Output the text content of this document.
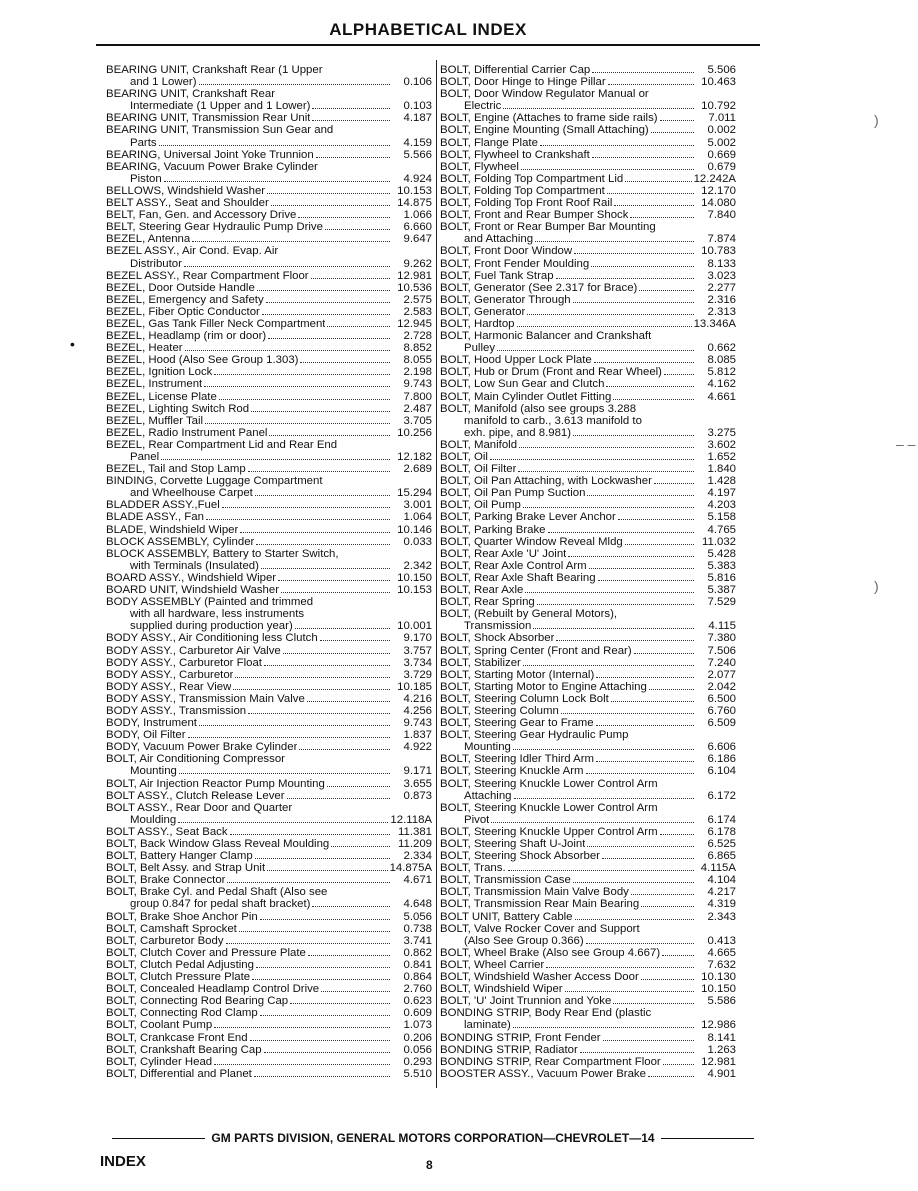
ALPHABETICAL INDEX
BEARING UNIT, Crankshaft Rear (1 Upper
and 1 Lower)	0.106
BEARING UNIT, Crankshaft Rear
Intermediate (1 Upper and 1 Lower)	0.103
BEARING UNIT, Transmission Rear Unit	4.187
BEARING UNIT, Transmission Sun Gear and
Parts	4.159
BEARING, Universal Joint Yoke Trunnion	5.566
BEARING, Vacuum Power Brake Cylinder
Piston	4.924
BELLOWS, Windshield Washer	10.153
BELT ASSY., Seat and Shoulder	14.875
BELT, Fan, Gen. and Accessory Drive	1.066
BELT, Steering Gear Hydraulic Pump Drive	6.660
BEZEL, Antenna	9.647
BEZEL ASSY., Air Cond. Evap. Air
Distributor	9.262
BEZEL ASSY., Rear Compartment Floor	12.981
BEZEL, Door Outside Handle	10.536
BEZEL, Emergency and Safety	2.575
BEZEL, Fiber Optic Conductor	2.583
BEZEL, Gas Tank Filler Neck Compartment	12.945
BEZEL, Headlamp (rim or door)	2.728
BEZEL, Heater	8.852
BEZEL, Hood (Also See Group 1.303)	8.055
BEZEL, Ignition Lock	2.198
BEZEL, Instrument	9.743
BEZEL, License Plate	7.800
BEZEL, Lighting Switch Rod	2.487
BEZEL, Muffler Tail	3.705
BEZEL, Radio Instrument Panel	10.256
BEZEL, Rear Compartment Lid and Rear End
Panel	12.182
BEZEL, Tail and Stop Lamp	2.689
BINDING, Corvette Luggage Compartment
and Wheelhouse Carpet	15.294
BLADDER ASSY.,Fuel	3.001
BLADE ASSY., Fan	1.064
BLADE, Windshield Wiper	10.146
BLOCK ASSEMBLY, Cylinder	0.033
BLOCK ASSEMBLY, Battery to Starter Switch,
with Terminals (Insulated)	2.342
BOARD ASSY., Windshield Wiper	10.150
BOARD UNIT, Windshield Washer	10.153
BODY ASSEMBLY (Painted and trimmed
with all hardware, less instruments
supplied during production year)	10.001
BODY ASSY., Air Conditioning less Clutch	9.170
BODY ASSY., Carburetor Air Valve	3.757
BODY ASSY., Carburetor Float	3.734
BODY ASSY., Carburetor	3.729
BODY ASSY., Rear View	10.185
BODY ASSY., Transmission Main Valve	4.216
BODY ASSY., Transmission	4.256
BODY, Instrument	9.743
BODY, Oil Filter	1.837
BODY, Vacuum Power Brake Cylinder	4.922
BOLT, Air Conditioning Compressor
Mounting	9.171
BOLT, Air Injection Reactor Pump Mounting	3.655
BOLT ASSY., Clutch Release Lever	0.873
BOLT ASSY., Rear Door and Quarter
Moulding	12.118A
BOLT ASSY., Seat Back	11.381
BOLT, Back Window Glass Reveal Moulding	11.209
BOLT, Battery Hanger Clamp	2.334
BOLT, Belt Assy. and Strap Unit	14.875A
BOLT, Brake Connector	4.671
BOLT, Brake Cyl. and Pedal Shaft (Also see
group 0.847 for pedal shaft bracket)	4.648
BOLT, Brake Shoe Anchor Pin	5.056
BOLT, Camshaft Sprocket	0.738
BOLT, Carburetor Body	3.741
BOLT, Clutch Cover and Pressure Plate	0.862
BOLT, Clutch Pedal Adjusting	0.841
BOLT, Clutch Pressure Plate	0.864
BOLT, Concealed Headlamp Control Drive	2.760
BOLT, Connecting Rod Bearing Cap	0.623
BOLT, Connecting Rod Clamp	0.609
BOLT, Coolant Pump	1.073
BOLT, Crankcase Front End	0.206
BOLT, Crankshaft Bearing Cap	0.056
BOLT, Cylinder Head	0.293
BOLT, Differential and Planet	5.510
BOLT, Differential Carrier Cap	5.506
BOLT, Door Hinge to Hinge Pillar	10.463
BOLT, Door Window Regulator Manual or
Electric	10.792
BOLT, Engine (Attaches to frame side rails)	7.011
BOLT, Engine Mounting (Small Attaching)	0.002
BOLT, Flange Plate	5.002
BOLT, Flywheel to Crankshaft	0.669
BOLT, Flywheel	0.679
BOLT, Folding Top Compartment Lid	12.242A
BOLT, Folding Top Compartment	12.170
BOLT, Folding Top Front Roof Rail	14.080
BOLT, Front and Rear Bumper Shock	7.840
BOLT, Front or Rear Bumper Bar Mounting
and Attaching	7.874
BOLT, Front Door Window	10.783
BOLT, Front Fender Moulding	8.133
BOLT, Fuel Tank Strap	3.023
BOLT, Generator (See 2.317 for Brace)	2.277
BOLT, Generator Through	2.316
BOLT, Generator	2.313
BOLT, Hardtop	13.346A
BOLT, Harmonic Balancer and Crankshaft
Pulley	0.662
BOLT, Hood Upper Lock Plate	8.085
BOLT, Hub or Drum (Front and Rear Wheel)	5.812
BOLT, Low Sun Gear and Clutch	4.162
BOLT, Main Cylinder Outlet Fitting	4.661
BOLT, Manifold (also see groups 3.288
manifold to carb., 3.613 manifold to
exh. pipe, and 8.981)	3.275
BOLT, Manifold	3.602
BOLT, Oil	1.652
BOLT, Oil Filter	1.840
BOLT, Oil Pan Attaching, with Lockwasher	1.428
BOLT, Oil Pan Pump Suction	4.197
BOLT, Oil Pump	4.203
BOLT, Parking Brake Lever Anchor	5.158
BOLT, Parking Brake	4.765
BOLT, Quarter Window Reveal Mldg	11.032
BOLT, Rear Axle 'U' Joint	5.428
BOLT, Rear Axle Control Arm	5.383
BOLT, Rear Axle Shaft Bearing	5.816
BOLT, Rear Axle	5.387
BOLT, Rear Spring	7.529
BOLT, (Rebuilt by General Motors),
Transmission	4.115
BOLT, Shock Absorber	7.380
BOLT, Spring Center (Front and Rear)	7.506
BOLT, Stabilizer	7.240
BOLT, Starting Motor (Internal)	2.077
BOLT, Starting Motor to Engine Attaching	2.042
BOLT, Steering Column Lock Bolt	6.500
BOLT, Steering Column	6.760
BOLT, Steering Gear to Frame	6.509
BOLT, Steering Gear Hydraulic Pump
Mounting	6.606
BOLT, Steering Idler Third Arm	6.186
BOLT, Steering Knuckle Arm	6.104
BOLT, Steering Knuckle Lower Control Arm
Attaching	6.172
BOLT, Steering Knuckle Lower Control Arm
Pivot	6.174
BOLT, Steering Knuckle Upper Control Arm	6.178
BOLT, Steering Shaft U-Joint	6.525
BOLT, Steering Shock Absorber	6.865
BOLT, Trans.	4.115A
BOLT, Transmission Case	4.104
BOLT, Transmission Main Valve Body	4.217
BOLT, Transmission Rear Main Bearing	4.319
BOLT UNIT, Battery Cable	2.343
BOLT, Valve Rocker Cover and Support
(Also See Group 0.366)	0.413
BOLT, Wheel Brake (Also see Group 4.667)	4.665
BOLT, Wheel Carrier	7.632
BOLT, Windshield Washer Access Door	10.130
BOLT, Windshield Wiper	10.150
BOLT, 'U' Joint Trunnion and Yoke	5.586
BONDING STRIP, Body Rear End (plastic
laminate)	12.986
BONDING STRIP, Front Fender	8.141
BONDING STRIP, Radiator	1.263
BONDING STRIP, Rear Compartment Floor	12.981
BOOSTER ASSY., Vacuum Power Brake	4.901
GM PARTS DIVISION, GENERAL MOTORS CORPORATION—CHEVROLET—14
INDEX	8
•
)
– –
)
